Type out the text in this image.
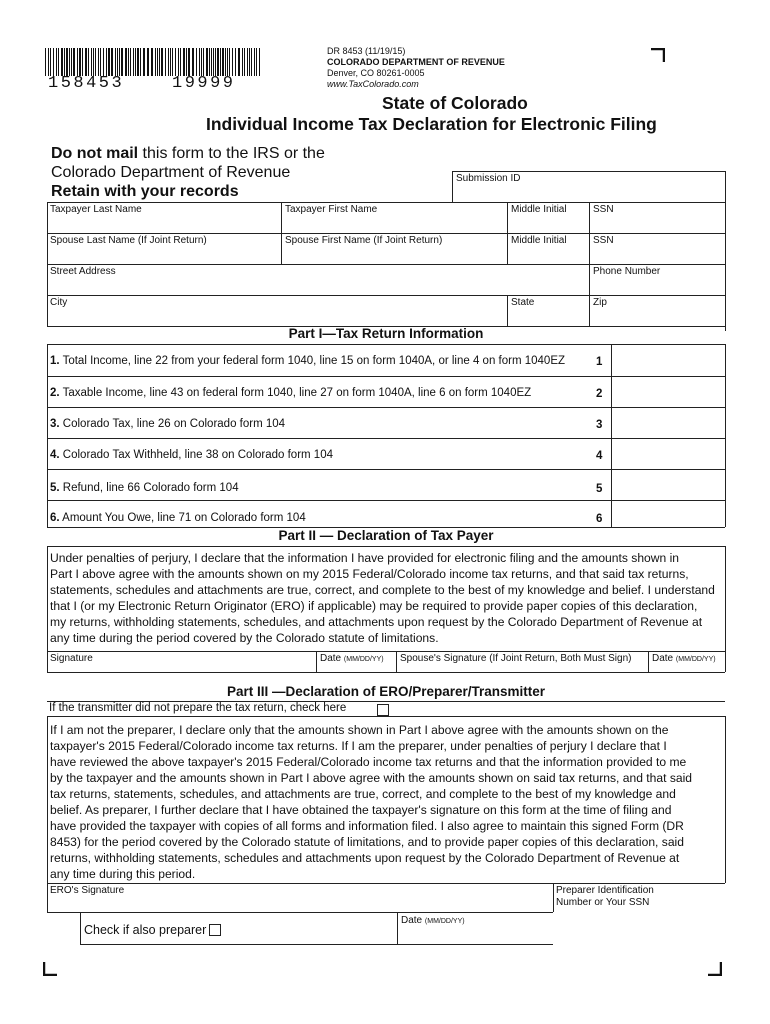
158453	19999
DR 8453 (11/19/15)
COLORADO DEPARTMENT OF REVENUE
Denver, CO 80261-0005
www.TaxColorado.com
State of Colorado
Individual Income Tax Declaration for Electronic Filing
Do not mail this form to the IRS or the
Colorado Department of Revenue
Retain with your records
Submission ID
Taxpayer Last Name	Taxpayer First Name	Middle Initial	SSN
Spouse Last Name (If Joint Return)	Spouse First Name (If Joint Return)	Middle Initial	SSN
Street Address	Phone Number
City	State	Zip
Part I—Tax Return Information
1. Total Income, line 22 from your federal form 1040, line 15 on form 1040A, or line 4 on form 1040EZ	1
2. Taxable Income, line 43 on federal form 1040, line 27 on form 1040A, line 6 on form 1040EZ	2
3. Colorado Tax, line 26 on Colorado form 104	3
4. Colorado Tax Withheld, line 38 on Colorado form 104	4
5. Refund, line 66 Colorado form 104	5
6. Amount You Owe, line 71 on Colorado form 104	6
Part II — Declaration of Tax Payer
Under penalties of perjury, I declare that the information I have provided for electronic filing and the amounts shown in
Part I above agree with the amounts shown on my 2015 Federal/Colorado income tax returns, and that said tax returns,
statements, schedules and attachments are true, correct, and complete to the best of my knowledge and belief. I understand
that I (or my Electronic Return Originator (ERO) if applicable) may be required to provide paper copies of this declaration,
my returns, withholding statements, schedules, and attachments upon request by the Colorado Department of Revenue at
any time during the period covered by the Colorado statute of limitations.
Signature	Date (MM/DD/YY) Spouse's Signature (If Joint Return, Both Must Sign) Date (MM/DD/YY)
Part III —Declaration of ERO/Preparer/Transmitter
If the transmitter did not prepare the tax return, check here
If I am not the preparer, I declare only that the amounts shown in Part I above agree with the amounts shown on the
taxpayer's 2015 Federal/Colorado income tax returns. If I am the preparer, under penalties of perjury I declare that I
have reviewed the above taxpayer's 2015 Federal/Colorado income tax returns and that the information provided to me
by the taxpayer and the amounts shown in Part I above agree with the amounts shown on said tax returns, and that said
tax returns, statements, schedules, and attachments are true, correct, and complete to the best of my knowledge and
belief. As preparer, I further declare that I have obtained the taxpayer's signature on this form at the time of filing and
have provided the taxpayer with copies of all forms and information filed. I also agree to maintain this signed Form (DR
8453) for the period covered by the Colorado statute of limitations, and to provide paper copies of this declaration, said
returns, withholding statements, schedules and attachments upon request by the Colorado Department of Revenue at
any time during this period.
ERO's Signature	Preparer Identification
Number or Your SSN
Date (MM/DD/YY)
Check if also preparer
